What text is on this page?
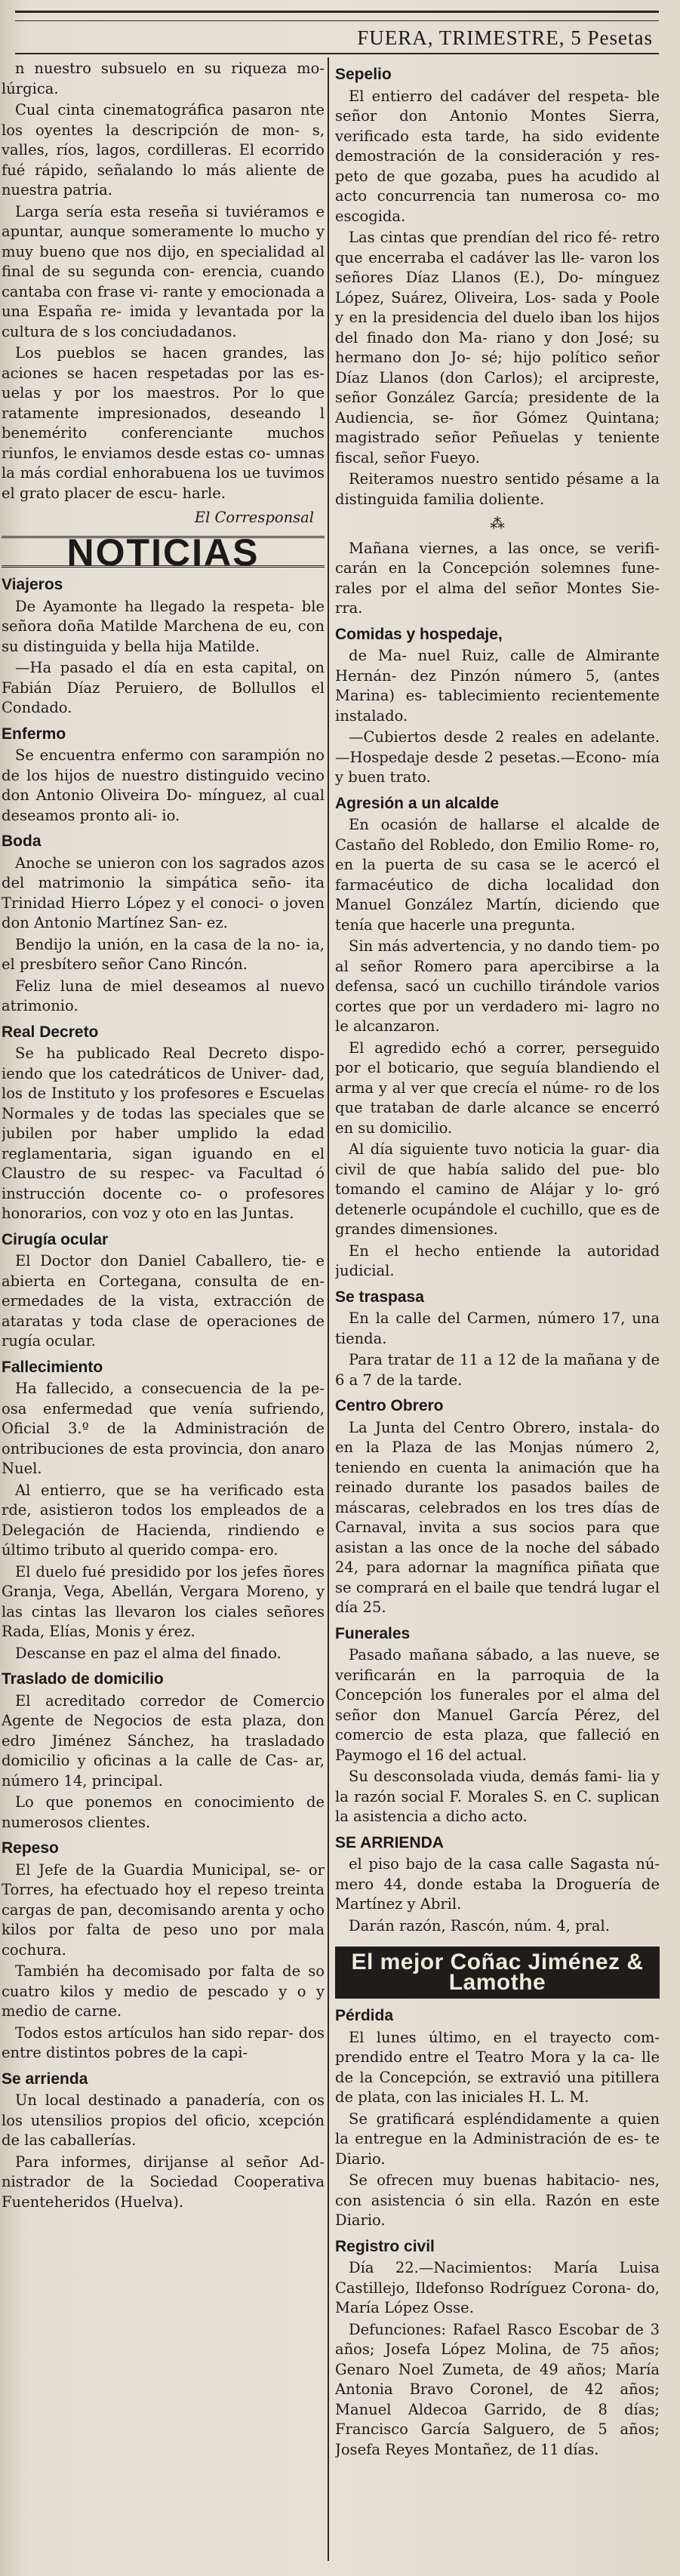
FUERA, TRIMESTRE, 5 Pesetas

n nuestro subsuelo en su riqueza mo- lúrgica.

Cual cinta cinematográfica pasaron nte los oyentes la descripción de mon- s, valles, ríos, lagos, cordilleras. El ecorrido fué rápido, señalando lo más aliente de nuestra patria.

Larga sería esta reseña si tuviéramos e apuntar, aunque someramente lo mucho y muy bueno que nos dijo, en specialidad al final de su segunda con- erencia, cuando cantaba con frase vi- rante y emocionada a una España re- imida y levantada por la cultura de s los conciudadanos.

Los pueblos se hacen grandes, las aciones se hacen respetadas por las es- uelas y por los maestros. Por lo que ratamente impresionados, deseando l benemérito conferenciante muchos riunfos, le enviamos desde estas co- umnas la más cordial enhorabuena los ue tuvimos el grato placer de escu- harle.

El Corresponsal
NOTICIAS
Viajeros

De Ayamonte ha llegado la respeta- ble señora doña Matilde Marchena de eu, con su distinguida y bella hija Matilde.

—Ha pasado el día en esta capital, on Fabián Díaz Peruiero, de Bollullos el Condado.

Enfermo

Se encuentra enfermo con sarampión no de los hijos de nuestro distinguido vecino don Antonio Oliveira Do- mínguez, al cual deseamos pronto ali- io.

Boda

Anoche se unieron con los sagrados azos del matrimonio la simpática seño- ita Trinidad Hierro López y el conoci- o joven don Antonio Martínez San- ez.

Bendijo la unión, en la casa de la no- ia, el presbítero señor Cano Rincón.

Feliz luna de miel deseamos al nuevo atrimonio.

Real Decreto

Se ha publicado Real Decreto dispo- iendo que los catedráticos de Univer- dad, los de Instituto y los profesores e Escuelas Normales y de todas las speciales que se jubilen por haber umplido la edad reglamentaria, sigan iguando en el Claustro de su respec- va Facultad ó instrucción docente co- o profesores honorarios, con voz y oto en las Juntas.

Cirugía ocular

El Doctor don Daniel Caballero, tie- e abierta en Cortegana, consulta de en- ermedades de la vista, extracción de ataratas y toda clase de operaciones de rugía ocular.

Fallecimiento

Ha fallecido, a consecuencia de la pe- osa enfermedad que venía sufriendo, Oficial 3.º de la Administración de ontribuciones de esta provincia, don anaro Nuel.

Al entierro, que se ha verificado esta rde, asistieron todos los empleados de a Delegación de Hacienda, rindiendo e último tributo al querido compa- ero.

El duelo fué presidido por los jefes ñores Granja, Vega, Abellán, Vergara Moreno, y las cintas las llevaron los ciales señores Rada, Elías, Monis y érez.

Descanse en paz el alma del finado.

Traslado de domicilio

El acreditado corredor de Comercio Agente de Negocios de esta plaza, don edro Jiménez Sánchez, ha trasladado domicilio y oficinas a la calle de Cas- ar, número 14, principal.

Lo que ponemos en conocimiento de numerosos clientes.

Repeso

El Jefe de la Guardia Municipal, se- or Torres, ha efectuado hoy el repeso treinta cargas de pan, decomisando arenta y ocho kilos por falta de peso uno por mala cochura.

También ha decomisado por falta de so cuatro kilos y medio de pescado y o y medio de carne.

Todos estos artículos han sido repar- dos entre distintos pobres de la capi-

Se arrienda

Un local destinado a panadería, con os los utensilios propios del oficio, xcepción de las caballerías.

Para informes, dirijanse al señor Ad- nistrador de la Sociedad Cooperativa Fuenteheridos (Huelva).

Sepelio

El entierro del cadáver del respeta- ble señor don Antonio Montes Sierra, verificado esta tarde, ha sido evidente demostración de la consideración y res- peto de que gozaba, pues ha acudido al acto concurrencia tan numerosa co- mo escogida.

Las cintas que prendían del rico fé- retro que encerraba el cadáver las lle- varon los señores Díaz Llanos (E.), Do- mínguez López, Suárez, Oliveira, Los- sada y Poole y en la presidencia del duelo iban los hijos del finado don Ma- riano y don José; su hermano don Jo- sé; hijo político señor Díaz Llanos (don Carlos); el arcipreste, señor González García; presidente de la Audiencia, se- ñor Gómez Quintana; magistrado señor Peñuelas y teniente fiscal, señor Fueyo.

Reiteramos nuestro sentido pésame a la distinguida familia doliente.

⁂

Mañana viernes, a las once, se verifi- carán en la Concepción solemnes fune- rales por el alma del señor Montes Sie- rra.

Comidas y hospedaje,

de Ma- nuel Ruiz, calle de Almirante Hernán- dez Pinzón número 5, (antes Marina) es- tablecimiento recientemente instalado.

—Cubiertos desde 2 reales en adelante. —Hospedaje desde 2 pesetas.—Econo- mía y buen trato.

Agresión a un alcalde

En ocasión de hallarse el alcalde de Castaño del Robledo, don Emilio Rome- ro, en la puerta de su casa se le acercó el farmacéutico de dicha localidad don Manuel González Martín, diciendo que tenía que hacerle una pregunta.

Sin más advertencia, y no dando tiem- po al señor Romero para apercibirse a la defensa, sacó un cuchillo tirándole varios cortes que por un verdadero mi- lagro no le alcanzaron.

El agredido echó a correr, perseguido por el boticario, que seguía blandiendo el arma y al ver que crecía el núme- ro de los que trataban de darle alcance se encerró en su domicilio.

Al día siguiente tuvo noticia la guar- dia civil de que había salido del pue- blo tomando el camino de Alájar y lo- gró detenerle ocupándole el cuchillo, que es de grandes dimensiones.

En el hecho entiende la autoridad judicial.

Se traspasa

En la calle del Carmen, número 17, una tienda.

Para tratar de 11 a 12 de la mañana y de 6 a 7 de la tarde.

Centro Obrero

La Junta del Centro Obrero, instala- do en la Plaza de las Monjas número 2, teniendo en cuenta la animación que ha reinado durante los pasados bailes de máscaras, celebrados en los tres días de Carnaval, invita a sus socios para que asistan a las once de la noche del sábado 24, para adornar la magnífica piñata que se comprará en el baile que tendrá lugar el día 25.

Funerales

Pasado mañana sábado, a las nueve, se verificarán en la parroquia de la Concepción los funerales por el alma del señor don Manuel García Pérez, del comercio de esta plaza, que falleció en Paymogo el 16 del actual.

Su desconsolada viuda, demás fami- lia y la razón social F. Morales S. en C. suplican la asistencia a dicho acto.

SE ARRIENDA

el piso bajo de la casa calle Sagasta nú- mero 44, donde estaba la Droguería de Martínez y Abril.

Darán razón, Rascón, núm. 4, pral.

El mejor Coñac Jiménez & Lamothe
Pérdida

El lunes último, en el trayecto com- prendido entre el Teatro Mora y la ca- lle de la Concepción, se extravió una pitillera de plata, con las iniciales H. L. M.

Se gratificará espléndidamente a quien la entregue en la Administración de es- te Diario.

Se ofrecen muy buenas habitacio- nes, con asistencia ó sin ella. Razón en este Diario.

Registro civil

Día 22.—Nacimientos: María Luisa Castillejo, Ildefonso Rodríguez Corona- do, María López Osse.

Defunciones: Rafael Rasco Escobar de 3 años; Josefa López Molina, de 75 años; Genaro Noel Zumeta, de 49 años; María Antonia Bravo Coronel, de 42 años; Manuel Aldecoa Garrido, de 8 días; Francisco García Salguero, de 5 años; Josefa Reyes Montañez, de 11 días.
